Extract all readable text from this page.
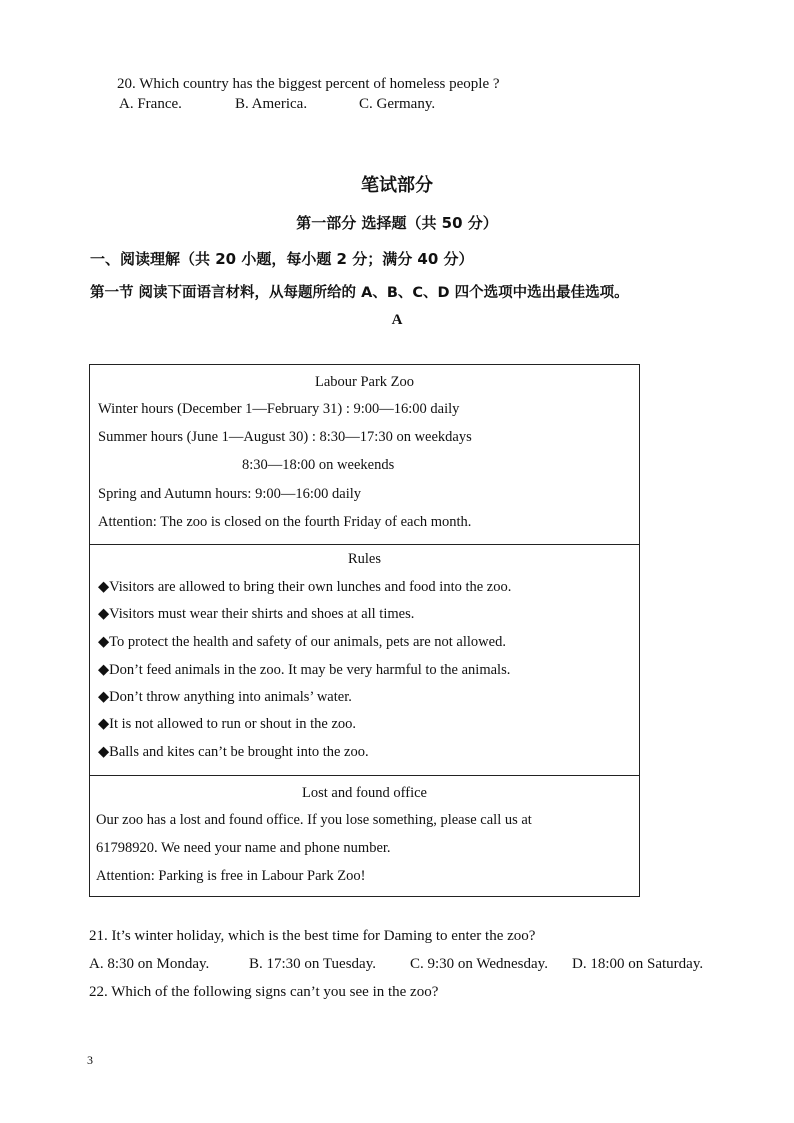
20. Which country has the biggest percent of homeless people ?
A. France.	B. America.	C. Germany.
笔试部分
第一部分 选择题（共 50 分）
一、阅读理解（共 20 小题，每小题 2 分；满分 40 分）
第一节 阅读下面语言材料，从每题所给的 A、B、C、D 四个选项中选出最佳选项。
A
Labour Park Zoo
Winter hours (December 1—February 31) : 9:00—16:00 daily
Summer hours (June 1—August 30) : 8:30—17:30 on weekdays
8:30—18:00 on weekends
Spring and Autumn hours: 9:00—16:00 daily
Attention: The zoo is closed on the fourth Friday of each month.
Rules
◆Visitors are allowed to bring their own lunches and food into the zoo.
◆Visitors must wear their shirts and shoes at all times.
◆To protect the health and safety of our animals, pets are not allowed.
◆Don’t feed animals in the zoo. It may be very harmful to the animals.
◆Don’t throw anything into animals’ water.
◆It is not allowed to run or shout in the zoo.
◆Balls and kites can’t be brought into the zoo.
Lost and found office
Our zoo has a lost and found office. If you lose something, please call us at
61798920. We need your name and phone number.
Attention: Parking is free in Labour Park Zoo!
21. It’s winter holiday, which is the best time for Daming to enter the zoo?
A. 8:30 on Monday.	B. 17:30 on Tuesday. C. 9:30 on Wednesday. D. 18:00 on Saturday.
22. Which of the following signs can’t you see in the zoo?
3
